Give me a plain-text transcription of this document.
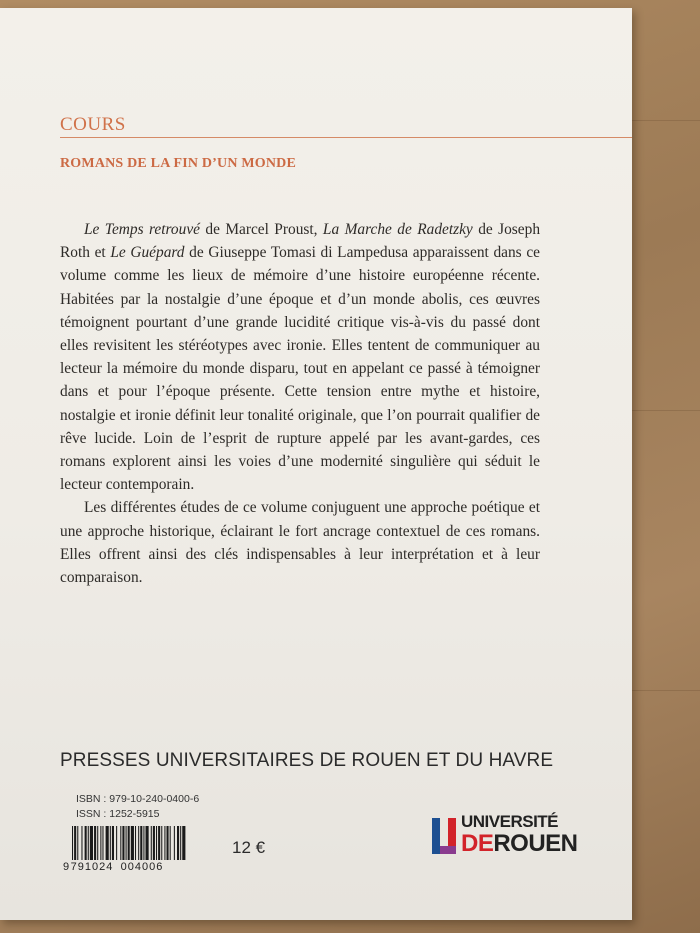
COURS
ROMANS DE LA FIN D’UN MONDE

Le Temps retrouvé de Marcel Proust, La Marche de Radetzky de Joseph Roth et Le Guépard de Giuseppe Tomasi di Lampedusa apparaissent dans ce volume comme les lieux de mémoire d’une histoire européenne récente. Habitées par la nostalgie d’une époque et d’un monde abolis, ces œuvres témoignent pourtant d’une grande lucidité critique vis-à-vis du passé dont elles revisitent les stéréotypes avec ironie. Elles tentent de communiquer au lecteur la mémoire du monde disparu, tout en appelant ce passé à témoigner dans et pour l’époque présente. Cette tension entre mythe et histoire, nostalgie et ironie définit leur tonalité originale, que l’on pourrait qualifier de rêve lucide. Loin de l’esprit de rupture appelé par les avant-gardes, ces romans explorent ainsi les voies d’une modernité singulière qui séduit le lecteur contemporain.

Les différentes études de ce volume conjuguent une approche poétique et une approche historique, éclairant le fort ancrage contextuel de ces romans. Elles offrent ainsi des clés indispensables à leur interprétation et à leur comparaison.

PRESSES UNIVERSITAIRES DE ROUEN ET DU HAVRE
ISBN : 979-10-240-0400-6
ISSN : 1252-5915
9 791024 004006
12 €
UNIVERSITÉ
DEROUEN
